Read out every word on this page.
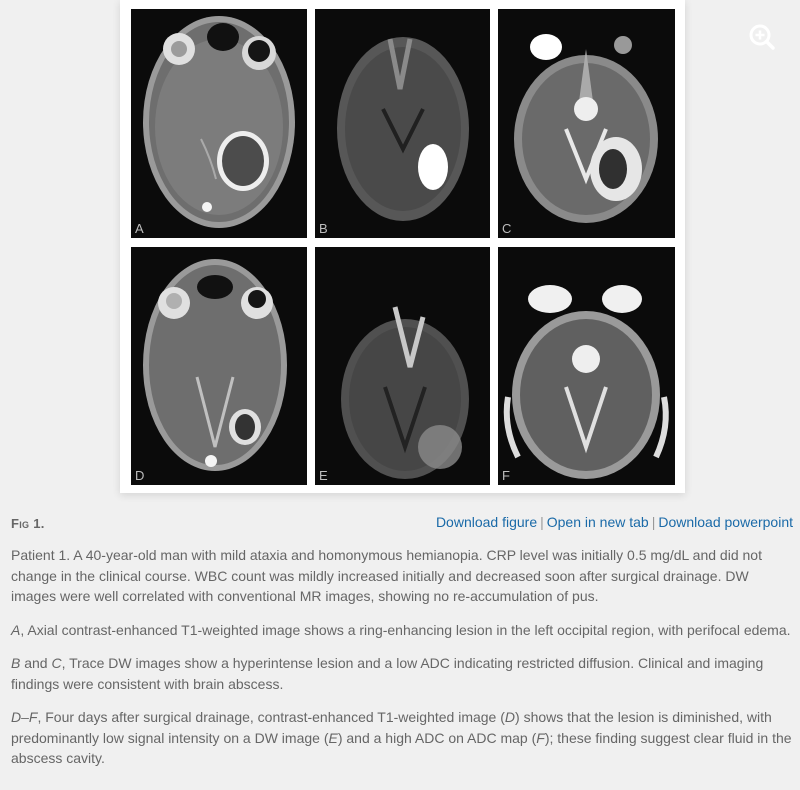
A	B	C
D	E	F
Fig 1.	Download figure | Open in new tab | Download powerpoint

Patient 1. A 40-year-old man with mild ataxia and homonymous hemianopia. CRP level was initially 0.5 mg/dL and did not change in the clinical course. WBC count was mildly increased initially and decreased soon after surgical drainage. DW images were well correlated with conventional MR images, showing no re-accumulation of pus.

A, Axial contrast-enhanced T1-weighted image shows a ring-enhancing lesion in the left occipital region, with perifocal edema.

B and C, Trace DW images show a hyperintense lesion and a low ADC indicating restricted diffusion. Clinical and imaging findings were consistent with brain abscess.

D–F, Four days after surgical drainage, contrast-enhanced T1-weighted image (D) shows that the lesion is diminished, with predominantly low signal intensity on a DW image (E) and a high ADC on ADC map (F); these finding suggest clear fluid in the abscess cavity.
